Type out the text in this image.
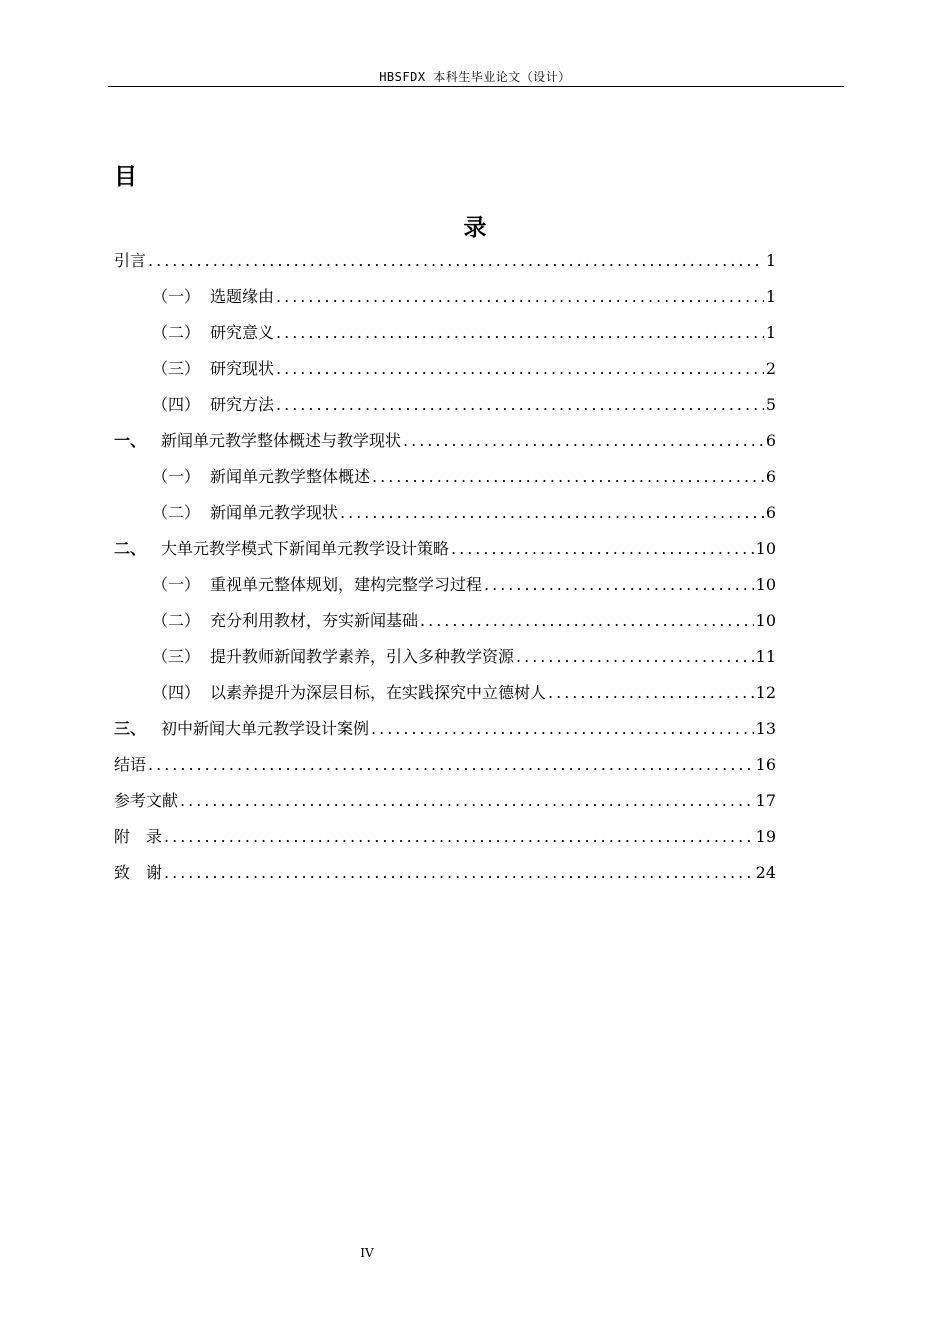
HBSFDX 本科生毕业论文（设计）
目
录
引言 .....	1
（一） 选题缘由 .....	1
（二） 研究意义 .....	1
（三） 研究现状 .....	2
（四） 研究方法 .....	5
一、 新闻单元教学整体概述与教学现状 .....	6
（一） 新闻单元教学整体概述 .....	6
（二） 新闻单元教学现状 .....	6
二、 大单元教学模式下新闻单元教学设计策略 .....	10
（一） 重视单元整体规划，建构完整学习过程 .....	10
（二） 充分利用教材，夯实新闻基础 .....	10
（三） 提升教师新闻教学素养，引入多种教学资源 .....	11
（四） 以素养提升为深层目标，在实践探究中立德树人 .....	12
三、 初中新闻大单元教学设计案例 .....	13
结语 .....	16
参考文献 .....	17
附　录 .....	19
致　谢 .....	24
IV
